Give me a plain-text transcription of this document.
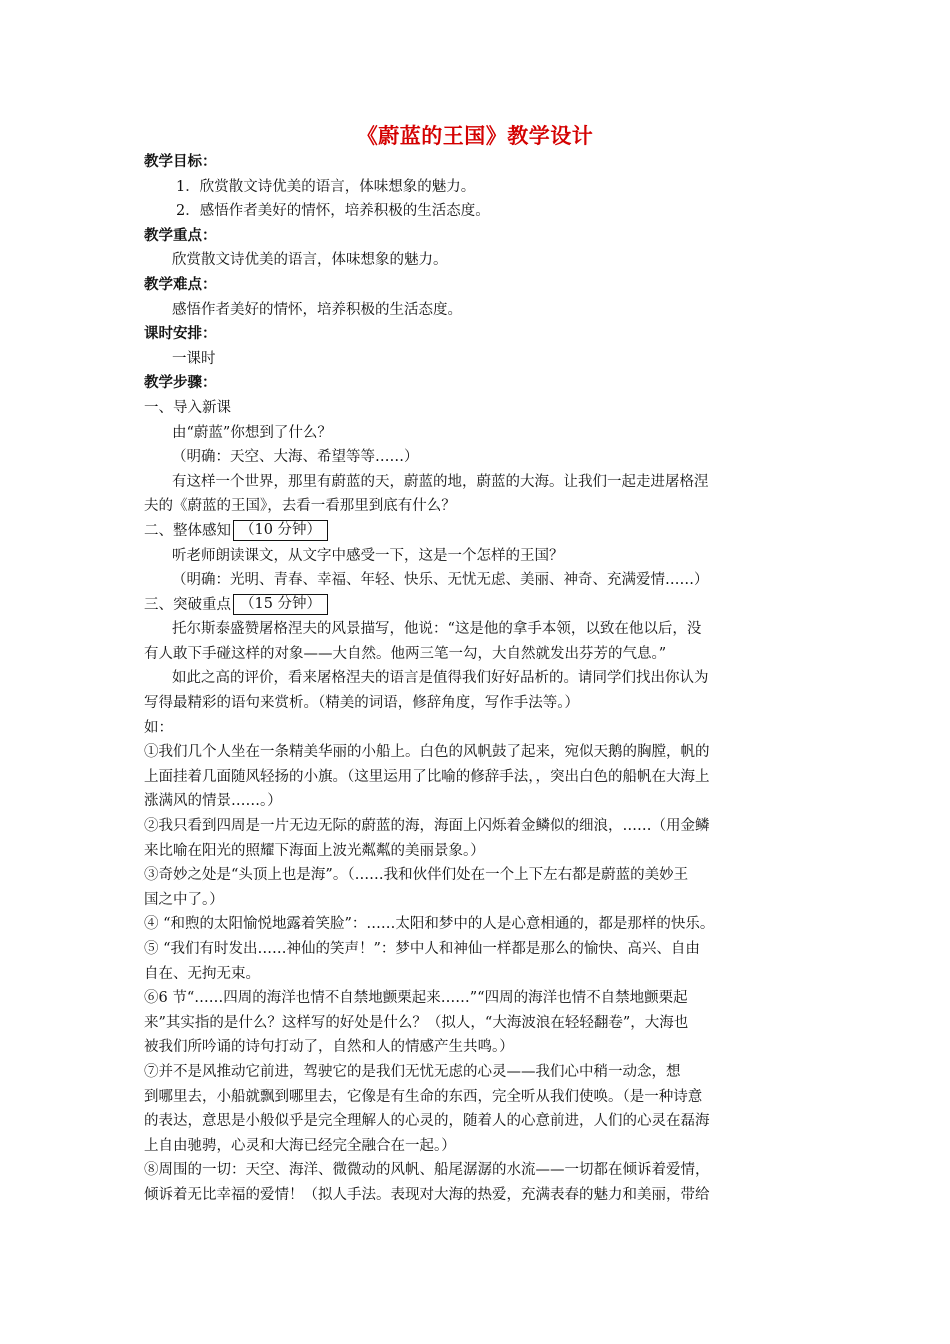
《蔚蓝的王国》教学设计
教学目标：
1．欣赏散文诗优美的语言，体味想象的魅力。
2．感悟作者美好的情怀，培养积极的生活态度。
教学重点：
欣赏散文诗优美的语言，体味想象的魅力。
教学难点：
感悟作者美好的情怀，培养积极的生活态度。
课时安排：
一课时
教学步骤：
一、导入新课
由“蔚蓝”你想到了什么？
（明确：天空、大海、希望等等……）
有这样一个世界，那里有蔚蓝的天，蔚蓝的地，蔚蓝的大海。让我们一起走进屠格涅
夫的《蔚蓝的王国》，去看一看那里到底有什么？
二、整体感知 （10 分钟）
听老师朗读课文，从文字中感受一下，这是一个怎样的王国？
（明确：光明、青春、幸福、年轻、快乐、无忧无虑、美丽、神奇、充满爱情……）
三、突破重点 （15 分钟）
托尔斯泰盛赞屠格涅夫的风景描写，他说：“这是他的拿手本领，以致在他以后，没
有人敢下手碰这样的对象——大自然。他两三笔一勾，大自然就发出芬芳的气息。”
如此之高的评价，看来屠格涅夫的语言是值得我们好好品析的。请同学们找出你认为
写得最精彩的语句来赏析。（精美的词语，修辞角度，写作手法等。）
如：
①我们几个人坐在一条精美华丽的小船上。白色的风帆鼓了起来，宛似天鹅的胸膛，帆的
上面挂着几面随风轻扬的小旗。（这里运用了比喻的修辞手法，，突出白色的船帆在大海上
涨满风的情景……。）
②我只看到四周是一片无边无际的蔚蓝的海，海面上闪烁着金鳞似的细浪，……（用金鳞
来比喻在阳光的照耀下海面上波光粼粼的美丽景象。）
③奇妙之处是“头顶上也是海”。（……我和伙伴们处在一个上下左右都是蔚蓝的美妙王
国之中了。）
④ “和煦的太阳愉悦地露着笑脸”：……太阳和梦中的人是心意相通的，都是那样的快乐。
⑤ “我们有时发出……神仙的笑声！”：梦中人和神仙一样都是那么的愉快、高兴、自由
自在、无拘无束。
⑥6 节“……四周的海洋也情不自禁地颤栗起来……”“四周的海洋也情不自禁地颤栗起
来”其实指的是什么？这样写的好处是什么？（拟人，“大海波浪在轻轻翻卷”，大海也
被我们所吟诵的诗句打动了，自然和人的情感产生共鸣。）
⑦并不是风推动它前进，驾驶它的是我们无忧无虑的心灵——我们心中稍一动念，想
到哪里去，小船就飘到哪里去，它像是有生命的东西，完全听从我们使唤。（是一种诗意
的表达，意思是小般似乎是完全理解人的心灵的，随着人的心意前进，人们的心灵在磊海
上自由驰骋，心灵和大海已经完全融合在一起。）
⑧周围的一切：天空、海洋、微微动的风帆、船尾潺潺的水流——一切都在倾诉着爱情，
倾诉着无比幸福的爱情！（拟人手法。表现对大海的热爱，充满表春的魅力和美丽，带给
